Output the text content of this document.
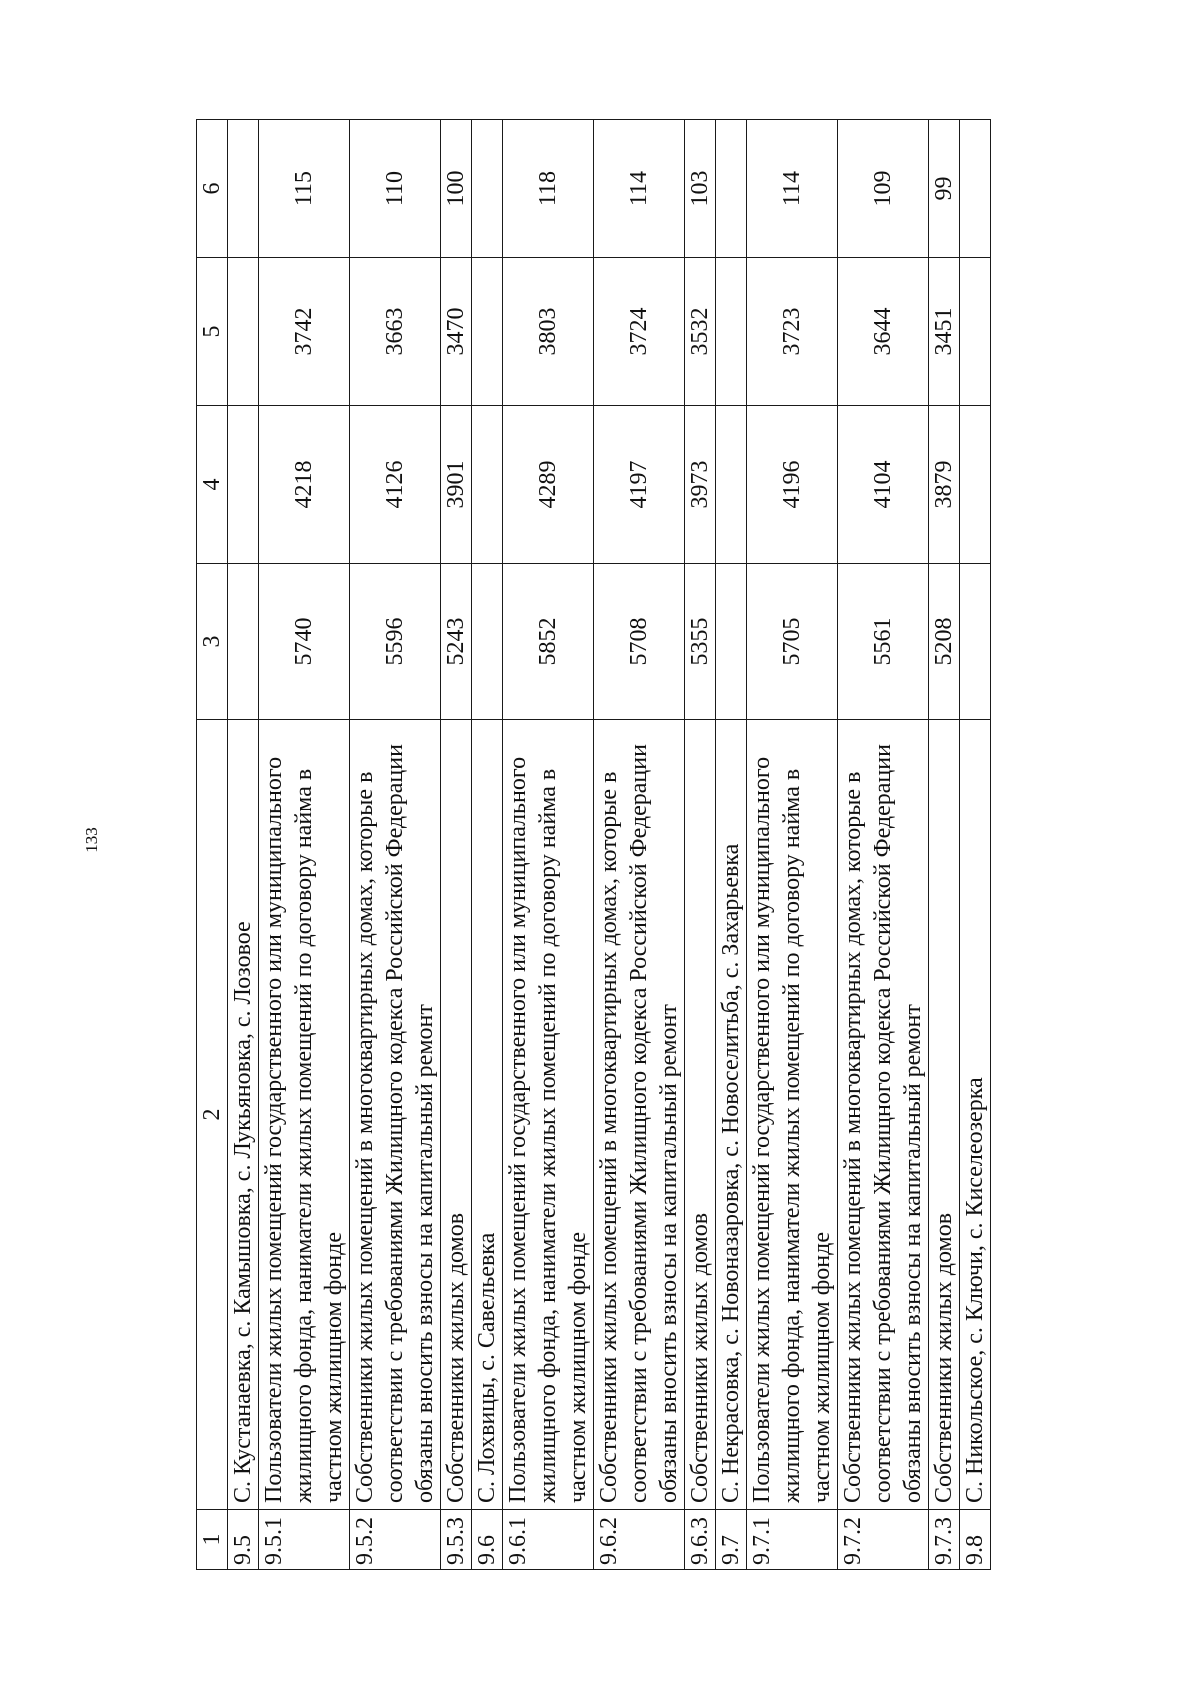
133
1	2	3	4	5	6
9.5	С. Кустанаевка, с. Камышовка, с. Лукьяновка, с. Лозовое				
9.5.1	Пользователи жилых помещений государственного или муниципального жилищного фонда, наниматели жилых помещений по договору найма в частном жилищном фонде	5740	4218	3742	115
9.5.2	Собственники жилых помещений в многоквартирных домах, которые в соответствии с требованиями Жилищного кодекса Российской Федерации обязаны вносить взносы на капитальный ремонт	5596	4126	3663	110
9.5.3	Собственники жилых домов	5243	3901	3470	100
9.6	С. Лохвицы, с. Савельевка				
9.6.1	Пользователи жилых помещений государственного или муниципального жилищного фонда, наниматели жилых помещений по договору найма в частном жилищном фонде	5852	4289	3803	118
9.6.2	Собственники жилых помещений в многоквартирных домах, которые в соответствии с требованиями Жилищного кодекса Российской Федерации обязаны вносить взносы на капитальный ремонт	5708	4197	3724	114
9.6.3	Собственники жилых домов	5355	3973	3532	103
9.7	С. Некрасовка, с. Новоназаровка, с. Новоселитьба, с. Захарьевка				
9.7.1	Пользователи жилых помещений государственного или муниципального жилищного фонда, наниматели жилых помещений по договору найма в частном жилищном фонде	5705	4196	3723	114
9.7.2	Собственники жилых помещений в многоквартирных домах, которые в соответствии с требованиями Жилищного кодекса Российской Федерации обязаны вносить взносы на капитальный ремонт	5561	4104	3644	109
9.7.3	Собственники жилых домов	5208	3879	3451	99
9.8	С. Никольское, с. Ключи, с. Киселеозерка				
